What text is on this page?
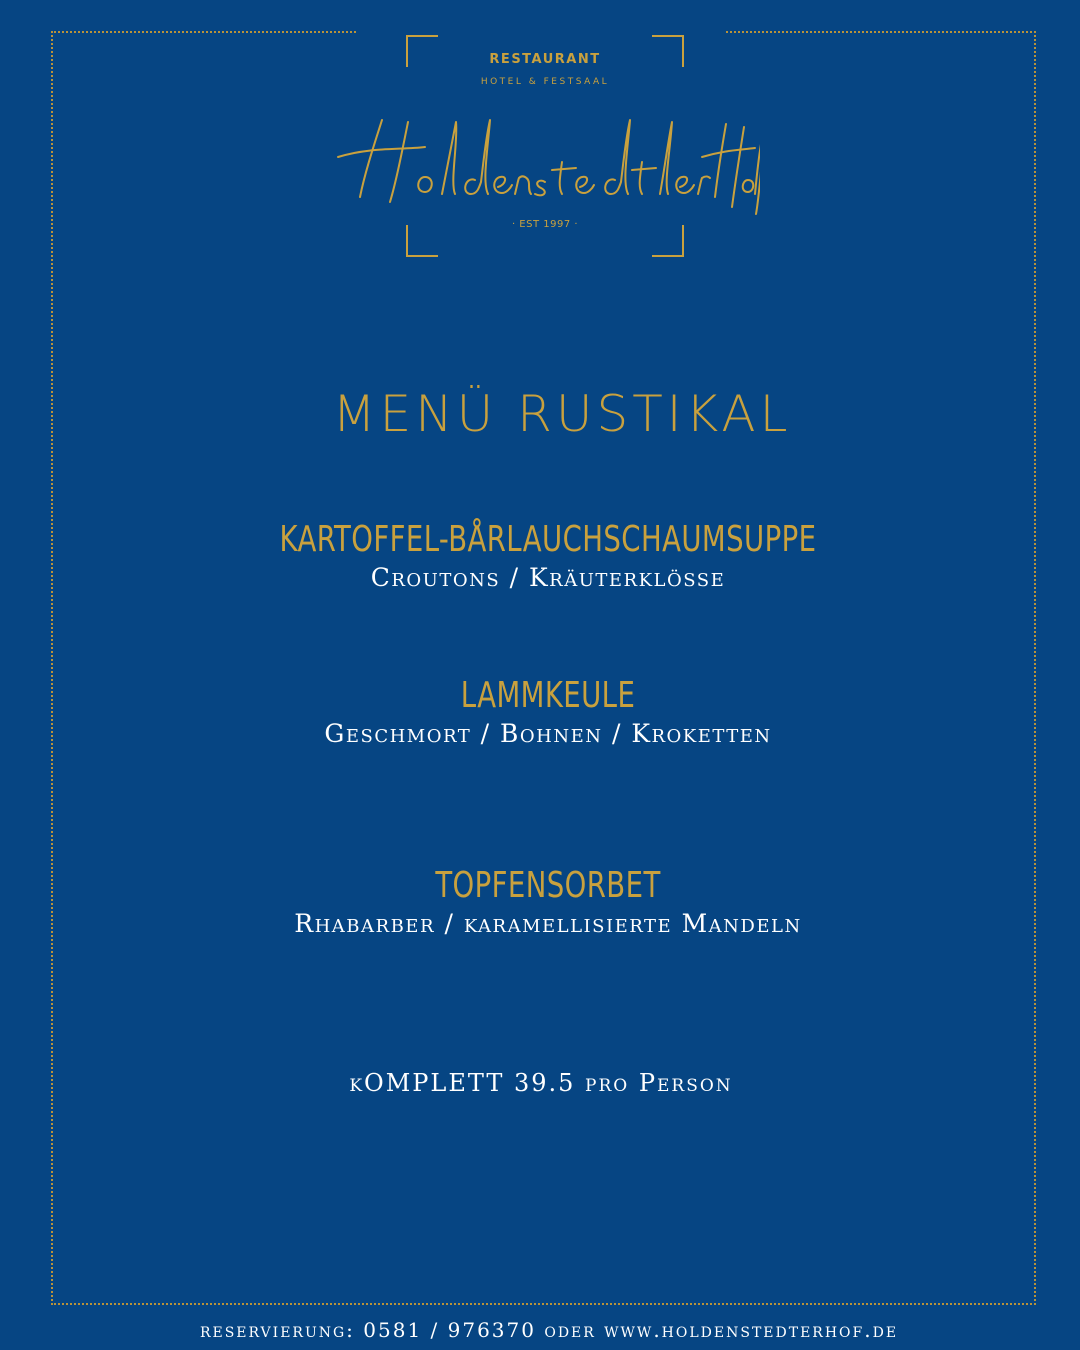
RESTAURANT
HOTEL & FESTSAAL
· EST 1997 ·
MENÜ RUSTIKAL
KARTOFFEL-BÅRLAUCHSCHAUMSUPPE
Croutons / Kräuterklösse
LAMMKEULE
Geschmort / Bohnen / Kroketten
TOPFENSORBET
Rhabarber / karamellisierte Mandeln
kOMPLETT 39.5 pro Person
reservierung: 0581 / 976370 oder www.holdenstedterhof.de
